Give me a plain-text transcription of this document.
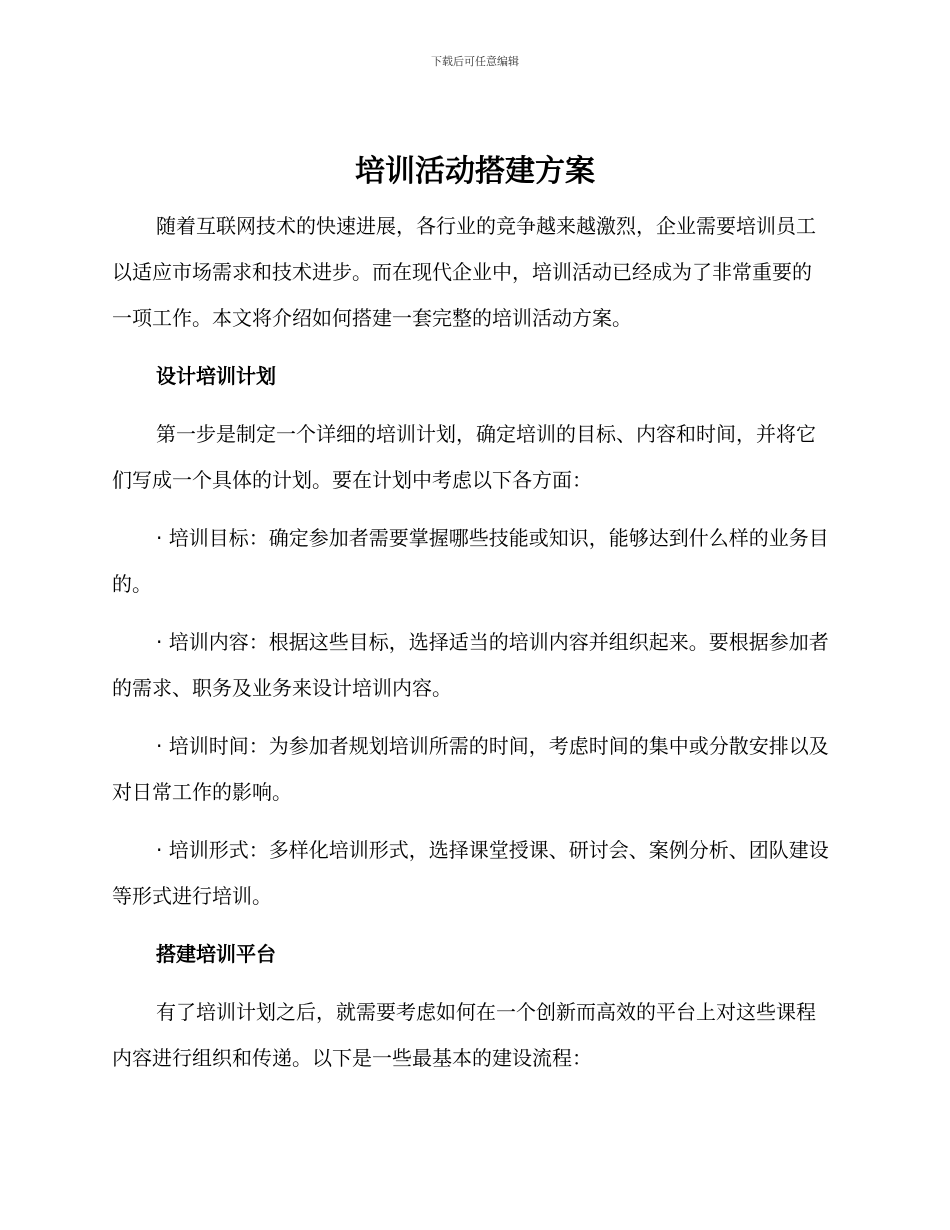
下载后可任意编辑
培训活动搭建方案

随着互联网技术的快速进展，各行业的竞争越来越激烈，企业需要培训员工以适应市场需求和技术进步。而在现代企业中，培训活动已经成为了非常重要的一项工作。本文将介绍如何搭建一套完整的培训活动方案。

设计培训计划

第一步是制定一个详细的培训计划，确定培训的目标、内容和时间，并将它们写成一个具体的计划。要在计划中考虑以下各方面：

· 培训目标：确定参加者需要掌握哪些技能或知识，能够达到什么样的业务目的。

· 培训内容：根据这些目标，选择适当的培训内容并组织起来。要根据参加者的需求、职务及业务来设计培训内容。

· 培训时间：为参加者规划培训所需的时间，考虑时间的集中或分散安排以及对日常工作的影响。

· 培训形式：多样化培训形式，选择课堂授课、研讨会、案例分析、团队建设等形式进行培训。

搭建培训平台

有了培训计划之后，就需要考虑如何在一个创新而高效的平台上对这些课程内容进行组织和传递。以下是一些最基本的建设流程：
